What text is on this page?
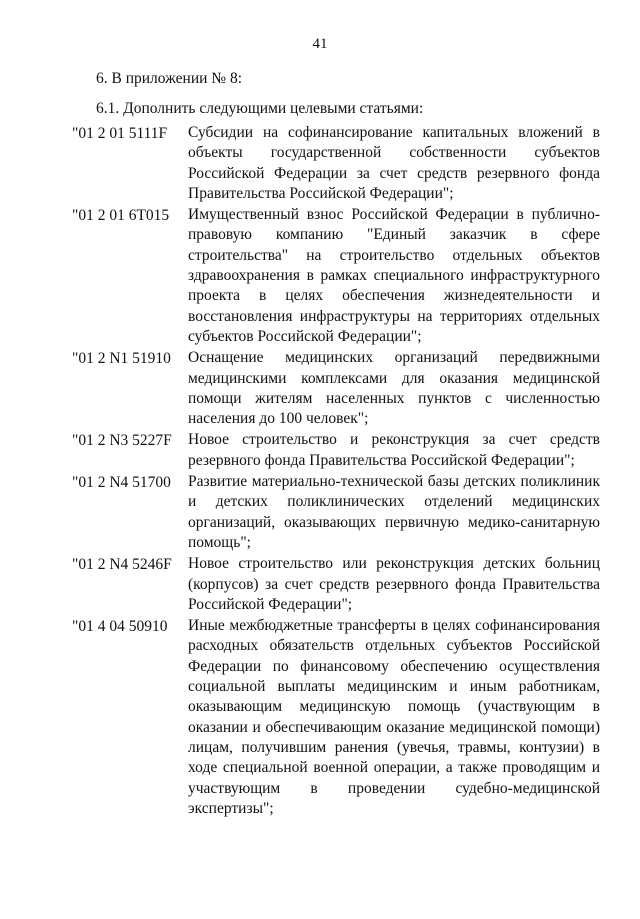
41
6. В приложении № 8:
6.1. Дополнить следующими целевыми статьями:
"01 2 01 5111F Субсидии на софинансирование капитальных вложений в объекты государственной собственности субъектов Российской Федерации за счет средств резервного фонда Правительства Российской Федерации";
"01 2 01 6T015 Имущественный взнос Российской Федерации в публично-правовую компанию "Единый заказчик в сфере строительства" на строительство отдельных объектов здравоохранения в рамках специального инфраструктурного проекта в целях обеспечения жизнедеятельности и восстановления инфраструктуры на территориях отдельных субъектов Российской Федерации";
"01 2 N1 51910 Оснащение медицинских организаций передвижными медицинскими комплексами для оказания медицинской помощи жителям населенных пунктов с численностью населения до 100 человек";
"01 2 N3 5227F Новое строительство и реконструкция за счет средств резервного фонда Правительства Российской Федерации";
"01 2 N4 51700 Развитие материально-технической базы детских поликлиник и детских поликлинических отделений медицинских организаций, оказывающих первичную медико-санитарную помощь";
"01 2 N4 5246F Новое строительство или реконструкция детских больниц (корпусов) за счет средств резервного фонда Правительства Российской Федерации";
"01 4 04 50910 Иные межбюджетные трансферты в целях софинансирования расходных обязательств отдельных субъектов Российской Федерации по финансовому обеспечению осуществления социальной выплаты медицинским и иным работникам, оказывающим медицинскую помощь (участвующим в оказании и обеспечивающим оказание медицинской помощи) лицам, получившим ранения (увечья, травмы, контузии) в ходе специальной военной операции, а также проводящим и участвующим в проведении судебно-медицинской экспертизы";
